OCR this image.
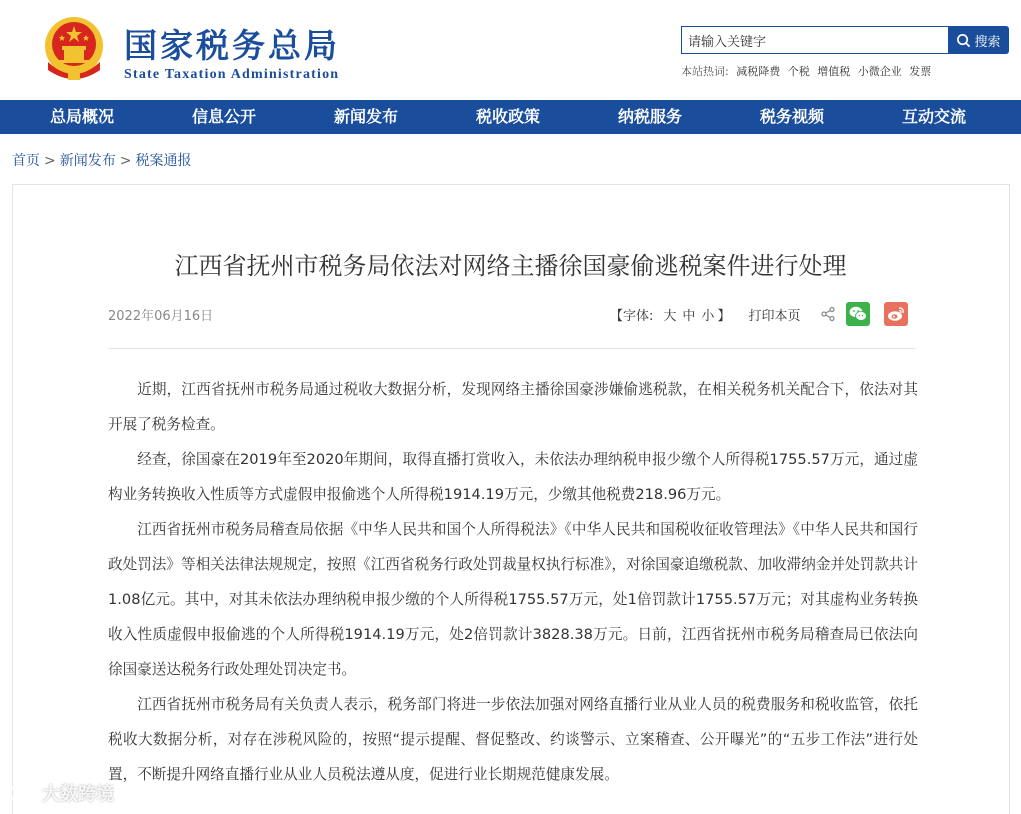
国家税务总局
State Taxation Administration
请输入关键字
搜索
本站热词: 减税降费 个税 增值税 小微企业 发票
总局概况	信息公开	新闻发布	税收政策	纳税服务	税务视频	互动交流
首页 > 新闻发布 > 税案通报
江西省抚州市税务局依法对网络主播徐国豪偷逃税案件进行处理
2022年06月16日	【字体: 大 中 小 】 打印本页

近期，江西省抚州市税务局通过税收大数据分析，发现网络主播徐国豪涉嫌偷逃税款，在相关税务机关配合下，依法对其开展了税务检查。

经查，徐国豪在2019年至2020年期间，取得直播打赏收入，未依法办理纳税申报少缴个人所得税1755.57万元，通过虚构业务转换收入性质等方式虚假申报偷逃个人所得税1914.19万元，少缴其他税费218.96万元。

江西省抚州市税务局稽查局依据《中华人民共和国个人所得税法》《中华人民共和国税收征收管理法》《中华人民共和国行政处罚法》等相关法律法规规定，按照《江西省税务行政处罚裁量权执行标准》，对徐国豪追缴税款、加收滞纳金并处罚款共计1.08亿元。其中，对其未依法办理纳税申报少缴的个人所得税1755.57万元，处1倍罚款计1755.57万元；对其虚构业务转换收入性质虚假申报偷逃的个人所得税1914.19万元，处2倍罚款计3828.38万元。日前，江西省抚州市税务局稽查局已依法向徐国豪送达税务行政处理处罚决定书。

江西省抚州市税务局有关负责人表示，税务部门将进一步依法加强对网络直播行业从业人员的税费服务和税收监管，依托税收大数据分析，对存在涉税风险的，按照“提示提醒、督促整改、约谈警示、立案稽查、公开曝光”的“五步工作法”进行处置，不断提升网络直播行业从业人员税法遵从度，促进行业长期规范健康发展。

大数跨境
